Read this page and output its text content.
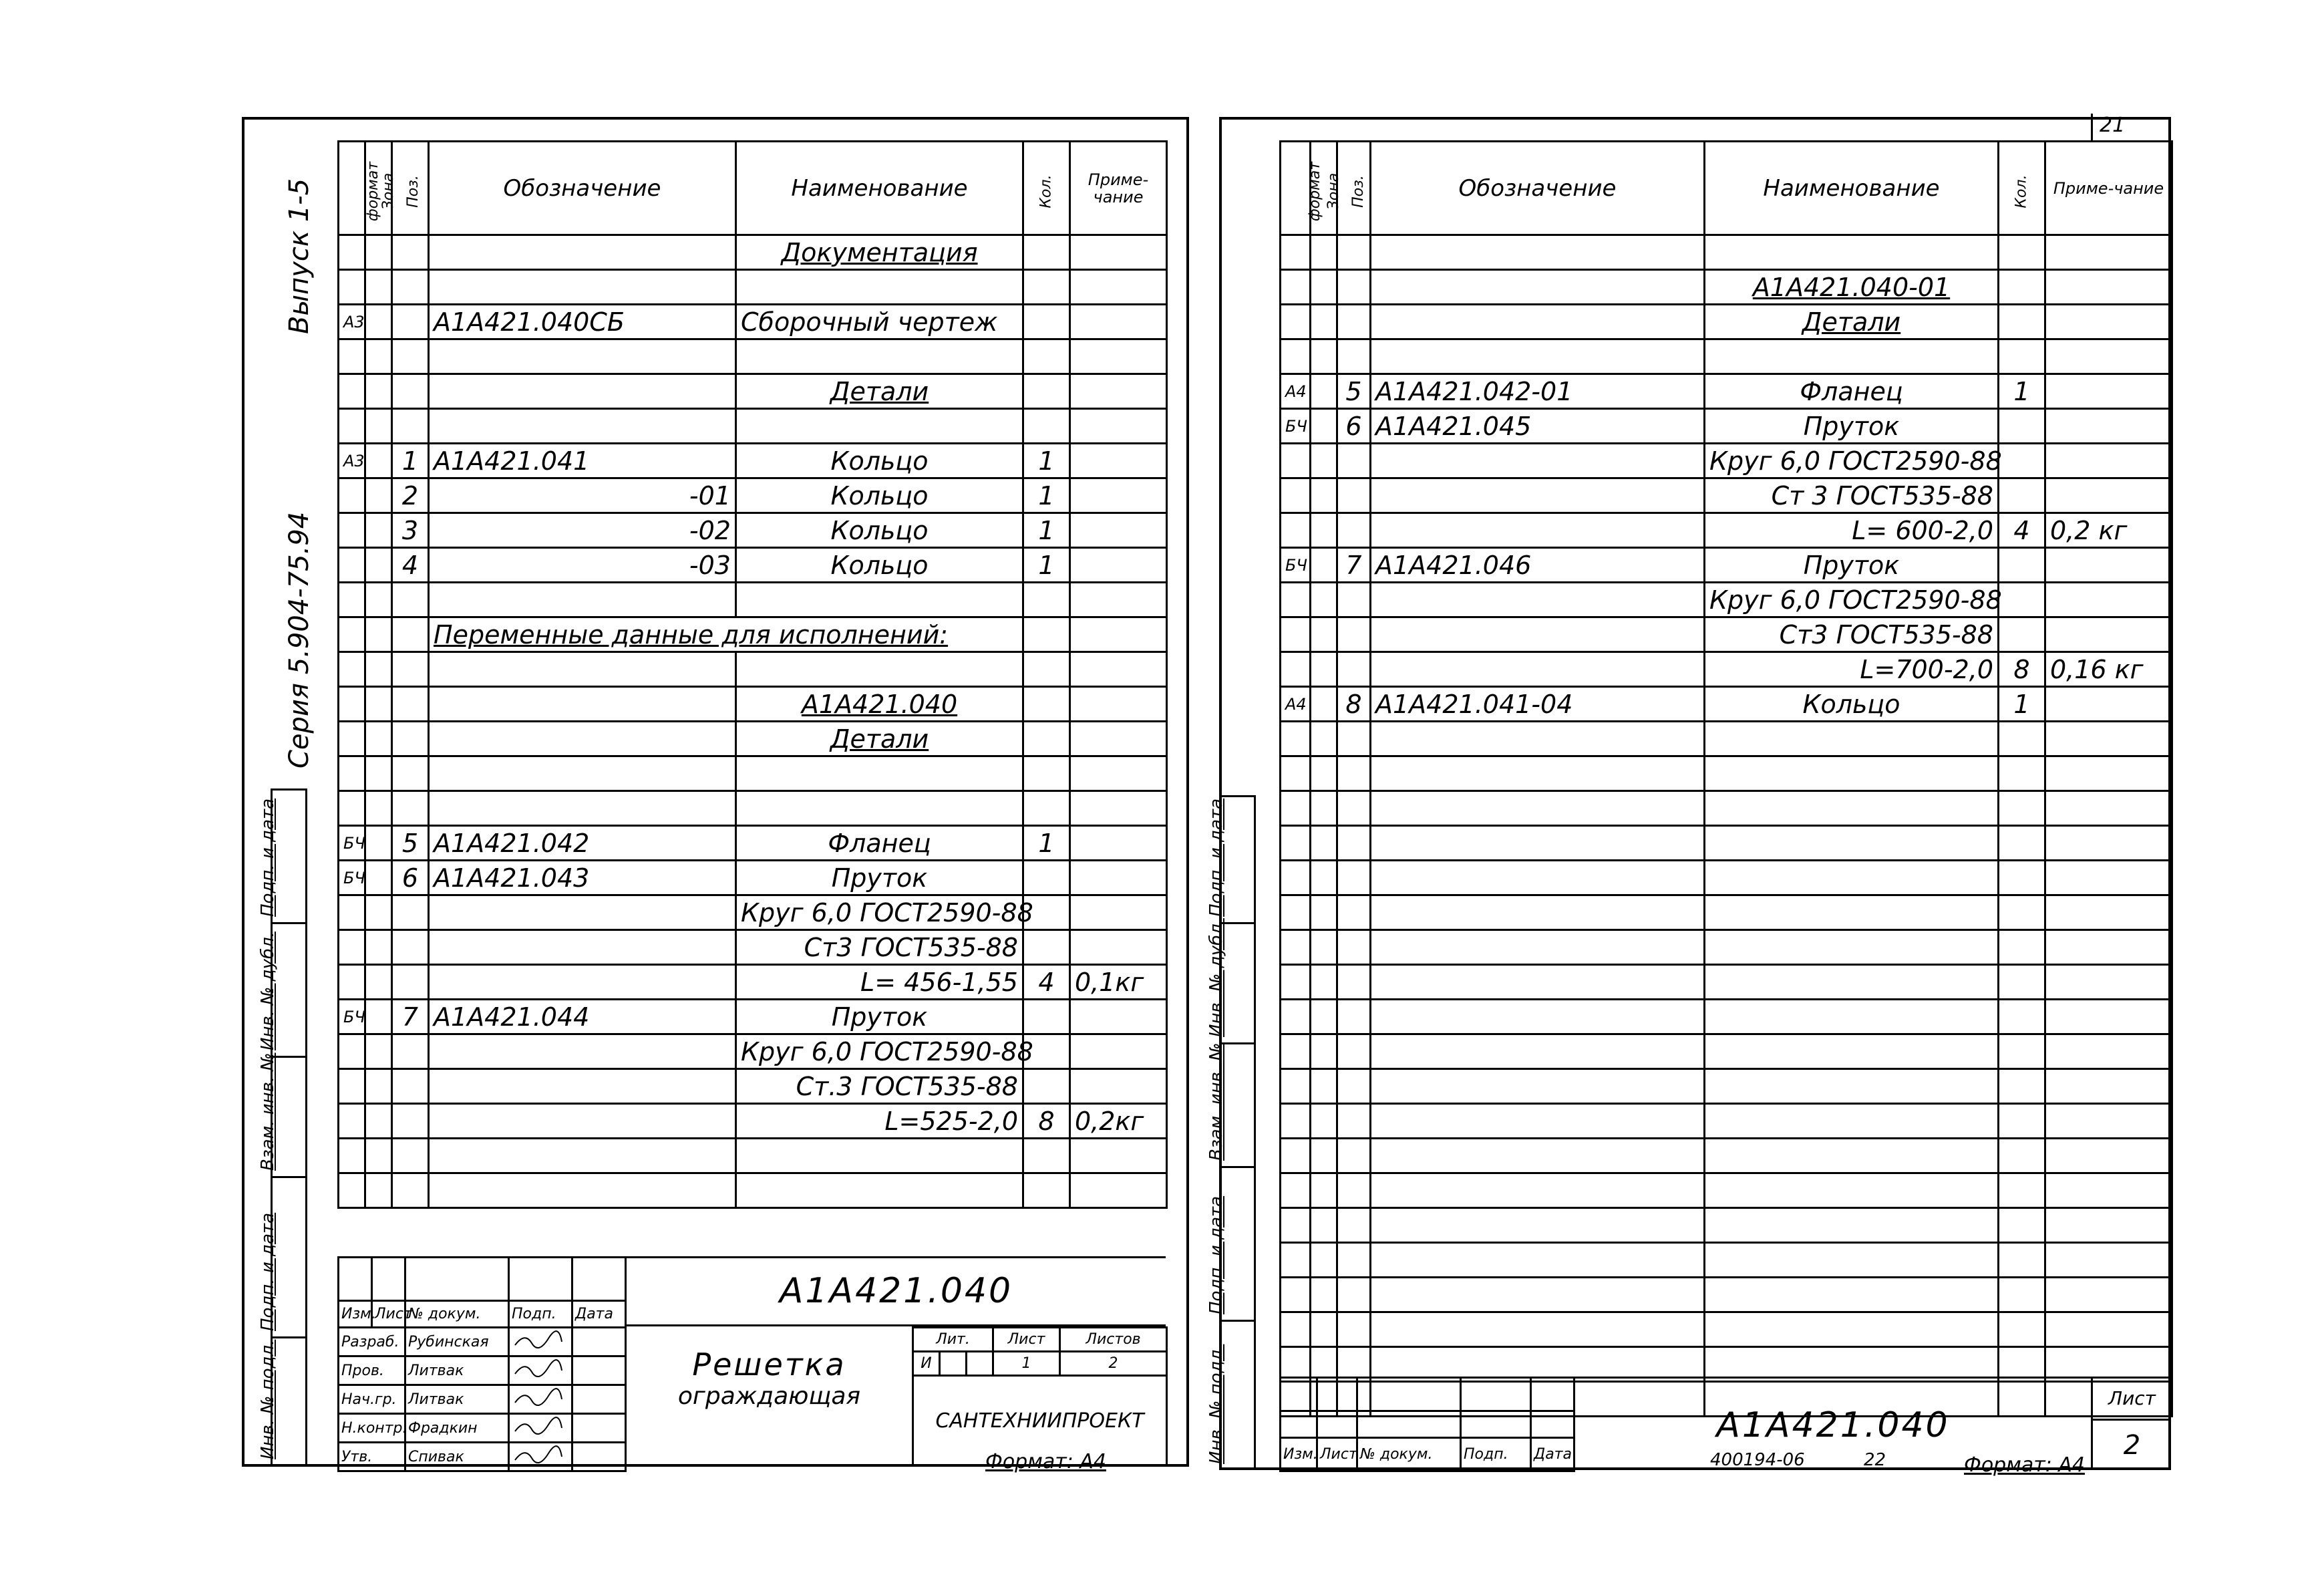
Выпуск 1-5
Серия 5.904-75.94
Подп. и дата
Инв. № дубл.
Взам. инв. №
Подп. и дата
Инв. № подл.
формат	Зона	Поз.	Обозначение	Наименование	Кол.	Приме-чание
				Документация		

А3			А1А421.040СБ	Сборочный чертеж		

				Детали		

А3		1	А1А421.041	Кольцо	1	
		2	-01	Кольцо	1	
		3	-02	Кольцо	1	
		4	-03	Кольцо	1	

			Переменные данные для исполнений:			

				А1А421.040		
				Детали		

БЧ		5	А1А421.042	Фланец	1	
БЧ		6	А1А421.043	Пруток		
				Круг 6,0 ГОСТ2590-88		
				Ст3 ГОСТ535-88		
				L= 456-1,55	4	0,1кг
БЧ		7	А1А421.044	Пруток		
				Круг 6,0 ГОСТ2590-88		
				Ст.3 ГОСТ535-88		
				L=525-2,0	8	0,2кг

Изм.	Лист	№ докум.	Подп.	Дата
Разраб.	Рубинская		
Пров.	Литвак		
Нач.гр.	Литвак		
Н.контр.	Фрадкин		
Утв.	Спивак		
А1А421.040
Решетка
ограждающая
Лит.			Лист	Листов
И			1	2
САНТЕХНИИПРОЕКТ				
Формат: А4
21
Подп. и дата
Инв. № дубл.
Взам. инв. №
Подп. и дата
Инв. № подл.
формат	Зона	Поз.	Обозначение	Наименование	Кол.	Приме-чание

				А1А421.040-01		
				Детали		

А4		5	А1А421.042-01	Фланец	1	
БЧ		6	А1А421.045	Пруток		
				Круг 6,0 ГОСТ2590-88		
				Ст 3 ГОСТ535-88		
				L= 600-2,0	4	0,2 кг
БЧ		7	А1А421.046	Пруток		
				Круг 6,0 ГОСТ2590-88		
				Ст3 ГОСТ535-88		
				L=700-2,0	8	0,16 кг
А4		8	А1А421.041-04	Кольцо	1	

Изм.	Лист	№ докум.	Подп.	Дата
А1А421.040
Лист
2
400194-06	22	Формат: А4
